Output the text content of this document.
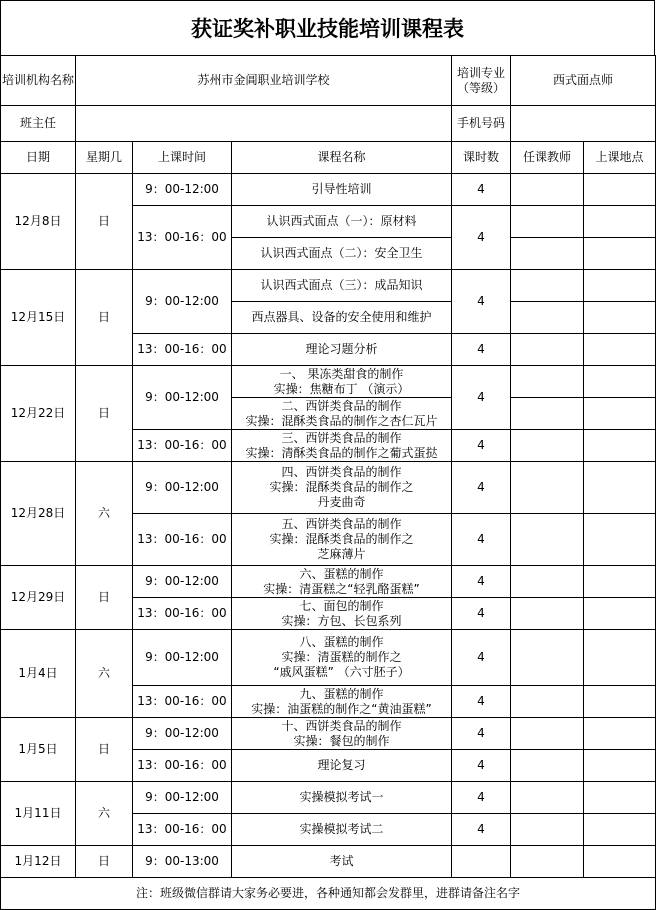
获证奖补职业技能培训课程表
培训机构名称	苏州市金阊职业培训学校			培训专业（等级）	西式面点师	
班主任				手机号码		
日期	星期几	上课时间	课程名称	课时数	任课教师	上课地点
12月8日	日	9：00-12:00	引导性培训	4		
		13：00-16：00	认识西式面点（一）：原材料	4		
			认识西式面点（二）：安全卫生			
12月15日	日	9：00-12:00	认识西式面点（三）：成品知识	4		
			西点器具、设备的安全使用和维护			
		13：00-16：00	理论习题分析	4		
12月22日	日	9：00-12:00	一、 果冻类甜食的制作
实操：焦糖布丁 （演示）	4		

			二、西饼类食品的制作
实操：混酥类食品的制作之杏仁瓦片			

		13：00-16：00	三、西饼类食品的制作
实操：清酥类食品的制作之葡式蛋挞	4		
12月28日	六	9：00-12:00	四、西饼类食品的制作
实操：混酥类食品的制作之
丹麦曲奇	4		
		13：00-16：00	五、西饼类食品的制作
实操：混酥类食品的制作之
芝麻薄片	4		
12月29日	日	9：00-12:00	六、蛋糕的制作
实操：清蛋糕之“轻乳酪蛋糕”	4		
		13：00-16：00	七、面包的制作
实操：方包、长包系列	4		
1月4日	六	9：00-12:00	八、蛋糕的制作
实操：清蛋糕的制作之
“戚风蛋糕” （六寸胚子）	4		
		13：00-16：00	九、蛋糕的制作
实操：油蛋糕的制作之“黄油蛋糕”	4		
1月5日	日	9：00-12:00	十、西饼类食品的制作
实操：餐包的制作	4		
		13：00-16：00	理论复习	4		
1月11日	六	9：00-12:00	实操模拟考试一	4		
		13：00-16：00	实操模拟考试二	4		
1月12日	日	9：00-13:00	考试			
注：班级微信群请大家务必要进，各种通知都会发群里，进群请备注名字						
